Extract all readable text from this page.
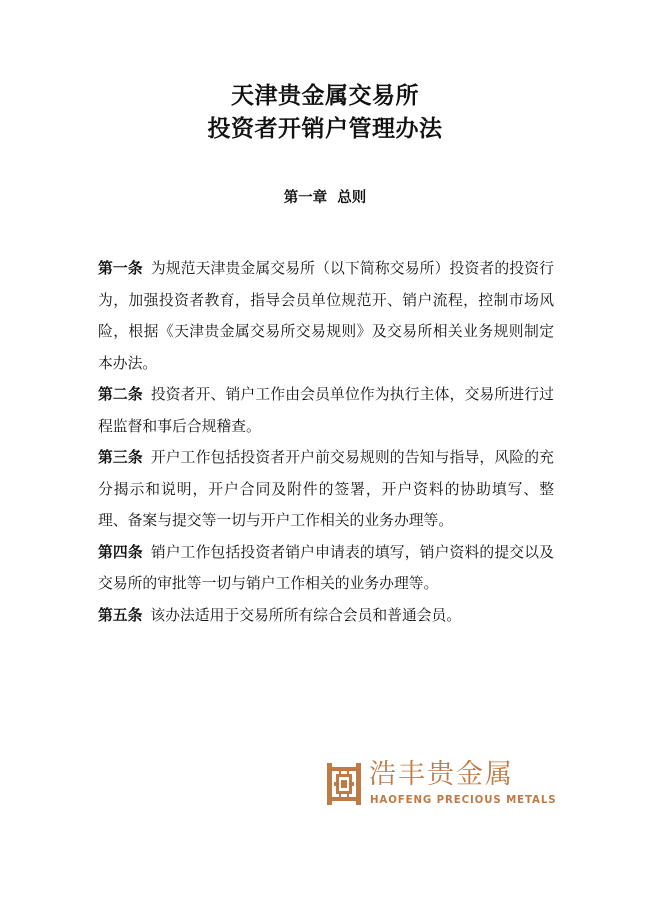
天津贵金属交易所
投资者开销户管理办法
第一章  总则

第一条 为规范天津贵金属交易所（以下简称交易所）投资者的投资行为，加强投资者教育，指导会员单位规范开、销户流程，控制市场风险，根据《天津贵金属交易所交易规则》及交易所相关业务规则制定本办法。

第二条 投资者开、销户工作由会员单位作为执行主体，交易所进行过程监督和事后合规稽查。

第三条 开户工作包括投资者开户前交易规则的告知与指导，风险的充分揭示和说明，开户合同及附件的签署，开户资料的协助填写、整理、备案与提交等一切与开户工作相关的业务办理等。

第四条 销户工作包括投资者销户申请表的填写，销户资料的提交以及交易所的审批等一切与销户工作相关的业务办理等。

第五条 该办法适用于交易所所有综合会员和普通会员。

浩丰贵金属
HAOFENG PRECIOUS METALS
